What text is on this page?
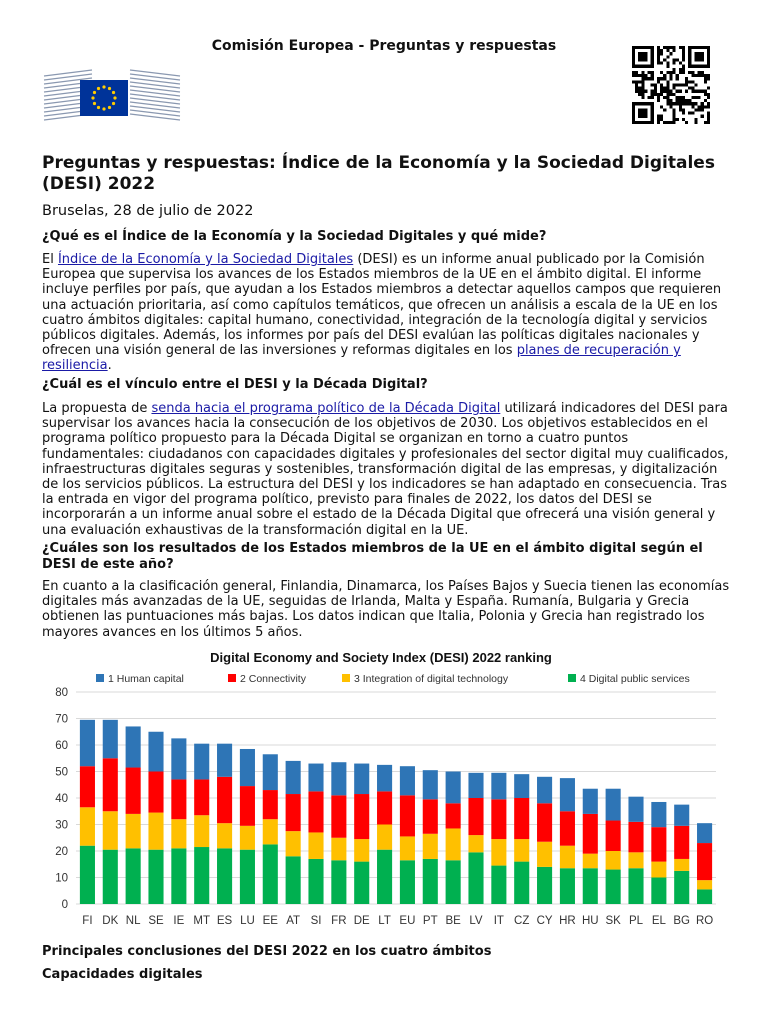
Comisión Europea - Preguntas y respuestas
Preguntas y respuestas: Índice de la Economía y la Sociedad Digitales (DESI) 2022
Bruselas, 28 de julio de 2022
¿Qué es el Índice de la Economía y la Sociedad Digitales y qué mide?
El Índice de la Economía y la Sociedad Digitales (DESI) es un informe anual publicado por la Comisión Europea que supervisa los avances de los Estados miembros de la UE en el ámbito digital. El informe incluye perfiles por país, que ayudan a los Estados miembros a detectar aquellos campos que requieren una actuación prioritaria, así como capítulos temáticos, que ofrecen un análisis a escala de la UE en los cuatro ámbitos digitales: capital humano, conectividad, integración de la tecnología digital y servicios públicos digitales. Además, los informes por país del DESI evalúan las políticas digitales nacionales y ofrecen una visión general de las inversiones y reformas digitales en los planes de recuperación y resiliencia.
¿Cuál es el vínculo entre el DESI y la Década Digital?
La propuesta de senda hacia el programa político de la Década Digital utilizará indicadores del DESI para supervisar los avances hacia la consecución de los objetivos de 2030. Los objetivos establecidos en el programa político propuesto para la Década Digital se organizan en torno a cuatro puntos fundamentales: ciudadanos con capacidades digitales y profesionales del sector digital muy cualificados, infraestructuras digitales seguras y sostenibles, transformación digital de las empresas, y digitalización de los servicios públicos. La estructura del DESI y los indicadores se han adaptado en consecuencia. Tras la entrada en vigor del programa político, previsto para finales de 2022, los datos del DESI se incorporarán a un informe anual sobre el estado de la Década Digital que ofrecerá una visión general y una evaluación exhaustivas de la transformación digital en la UE.
¿Cuáles son los resultados de los Estados miembros de la UE en el ámbito digital según el DESI de este año?
En cuanto a la clasificación general, Finlandia, Dinamarca, los Países Bajos y Suecia tienen las economías digitales más avanzadas de la UE, seguidas de Irlanda, Malta y España. Rumanía, Bulgaria y Grecia obtienen las puntuaciones más bajas. Los datos indican que Italia, Polonia y Grecia han registrado los mayores avances en los últimos 5 años.
Digital Economy and Society Index (DESI) 2022 ranking
1 Human capital	2 Connectivity	3 Integration of digital technology	4 Digital public services
0
10
20
30
40
50
60
70
80
FI DK NL SE IE MT ES LU EE AT SI FR DE LT EU PT BE LV IT CZ CY HR HU SK PL EL BG RO
Principales conclusiones del DESI 2022 en los cuatro ámbitos
Capacidades digitales
